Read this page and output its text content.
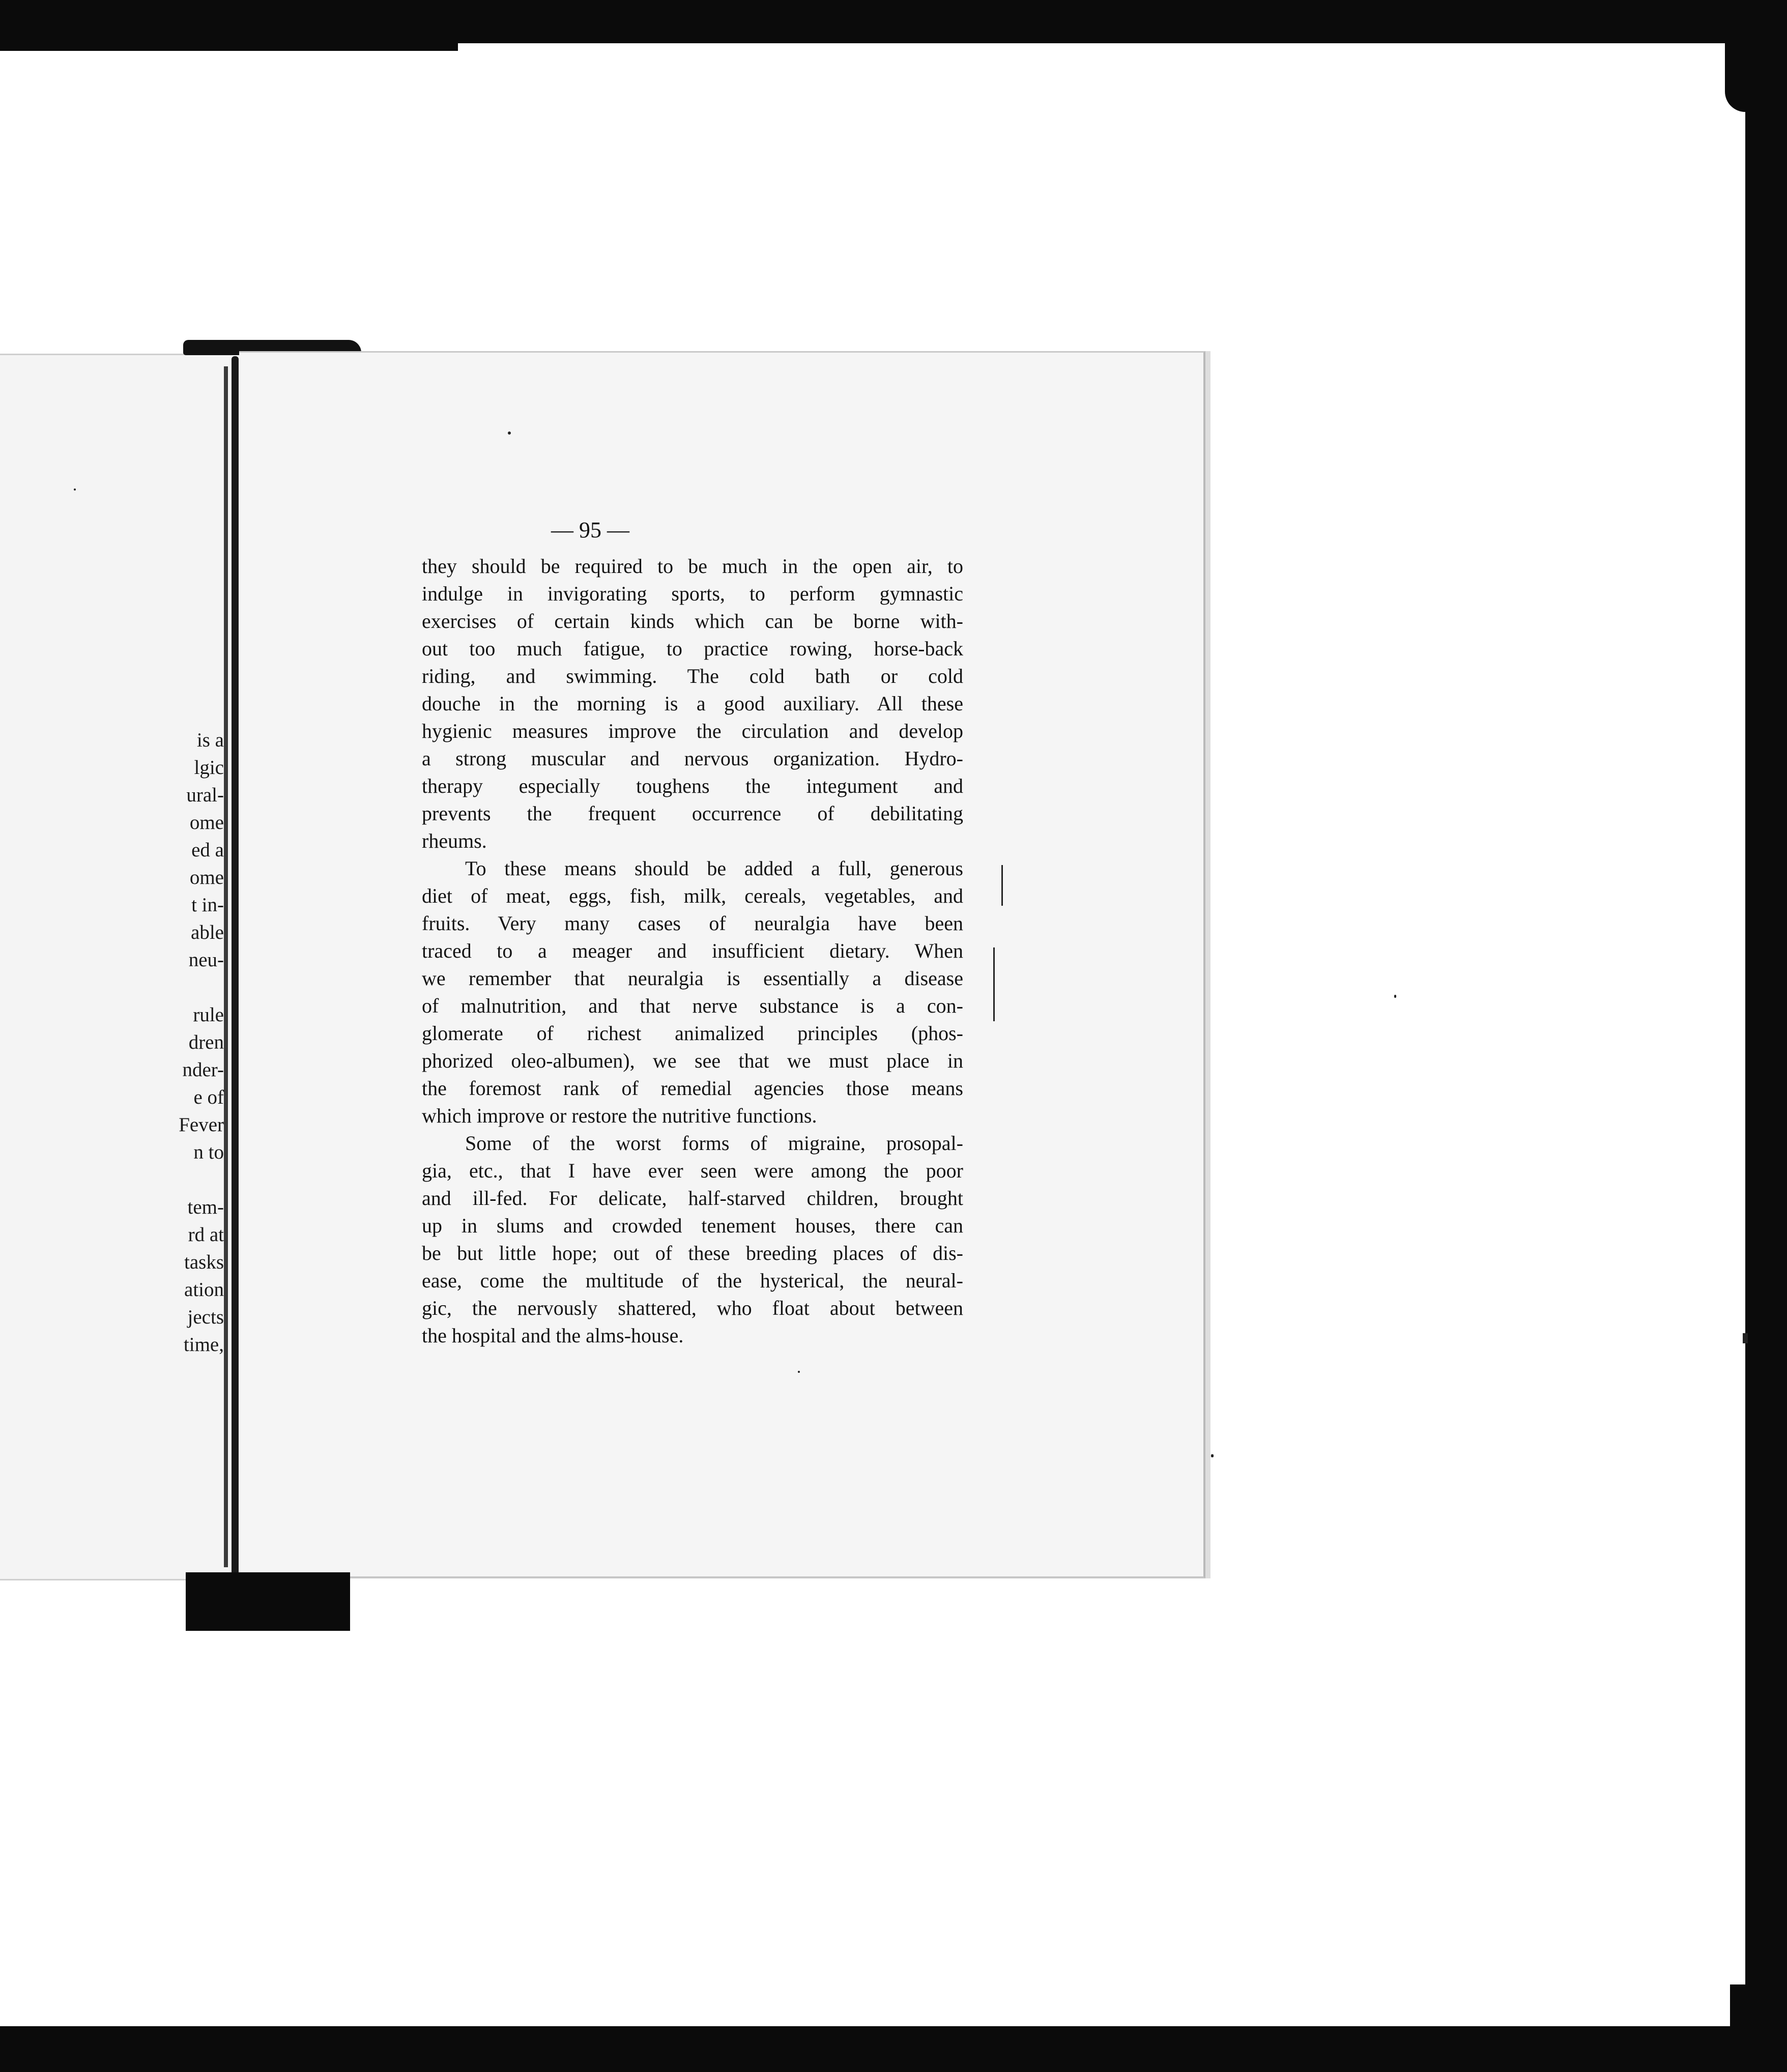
is a
lgic
ural-
ome
ed a
ome
t in-
able
neu-
rule
dren
nder-
e of
Fever
n to
tem-
rd at
tasks
ation
jects
time,
— 95 —
they should be required to be much in the open air, to
indulge in invigorating sports, to perform gymnastic
exercises of certain kinds which can be borne with-
out too much fatigue, to practice rowing, horse-back
riding, and swimming. The cold bath or cold
douche in the morning is a good auxiliary. All these
hygienic measures improve the circulation and develop
a strong muscular and nervous organization. Hydro-
therapy especially toughens the integument and
prevents the frequent occurrence of debilitating
rheums.
To these means should be added a full, generous
diet of meat, eggs, fish, milk, cereals, vegetables, and
fruits. Very many cases of neuralgia have been
traced to a meager and insufficient dietary. When
we remember that neuralgia is essentially a disease
of malnutrition, and that nerve substance is a con-
glomerate of richest animalized principles (phos-
phorized oleo-albumen), we see that we must place in
the foremost rank of remedial agencies those means
which improve or restore the nutritive functions.
Some of the worst forms of migraine, prosopal-
gia, etc., that I have ever seen were among the poor
and ill-fed. For delicate, half-starved children, brought
up in slums and crowded tenement houses, there can
be but little hope; out of these breeding places of dis-
ease, come the multitude of the hysterical, the neural-
gic, the nervously shattered, who float about between
the hospital and the alms-house.
